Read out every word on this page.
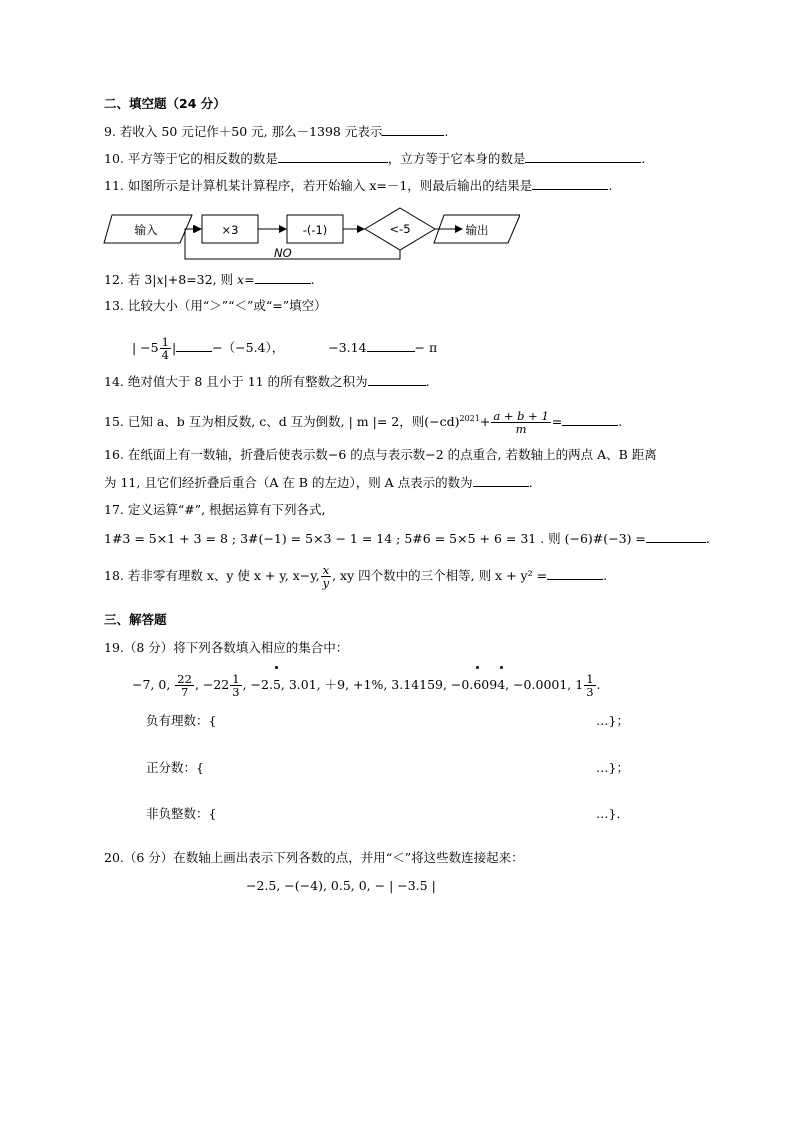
二、填空题（24 分）
9. 若收入 50 元记作＋50 元, 那么－1398 元表示	.
10. 平方等于它的相反数的数是	，立方等于它本身的数是	.
11. 如图所示是计算机某计算程序，若开始输入 x=－1，则最后输出的结果是	.
输入	×3	-(-1)	<-5	输出
NO
12. 若 3|x|+8=32, 则 x=	.
13. 比较大小（用“＞”“＜”或“=”填空）
| $-5 \frac{1}{4}$ |	−（−5.4），	−3.14	− π
14. 绝对值大于 8 且小于 11 的所有整数之积为	.
15. 已知 a、b 互为相反数, c、d 互为倒数, | m |= 2，则$(-cd)^{2021}+ \frac{a + b + 1}{m}$ =	.
16. 在纸面上有一数轴，折叠后使表示数−6 的点与表示数−2 的点重合, 若数轴上的两点 A、B 距离
为 11, 且它们经折叠后重合（A 在 B 的左边），则 A 点表示的数为	.
17. 定义运算“#”, 根据运算有下列各式,
1#3 = 5×1 + 3 = 8 ; 3#(−1) = 5×3 − 1 = 14 ; 5#6 = 5×5 + 6 = 31 . 则 (−6)#(−3) =	.
18. 若非零有理数 x、y 使 x + y, x−y, $\frac{x}{y}$ , xy 四个数中的三个相等, 则 x + y² =	.
三、解答题
19.（8 分）将下列各数填入相应的集合中：
−7, 0, $\frac{22}{7}$ , $-22 \frac{1}{3}$ , −2.5, 3.01, ＋9, +1%, 3.14159, −0.6094, −0.0001, $1 \frac{1}{3}$ .
负有理数：{	…}；
正分数：{	…}；
非负整数：{	…}．
20.（6 分）在数轴上画出表示下列各数的点，并用“＜”将这些数连接起来：
−2.5, −(−4), 0.5, 0, − | −3.5 |
